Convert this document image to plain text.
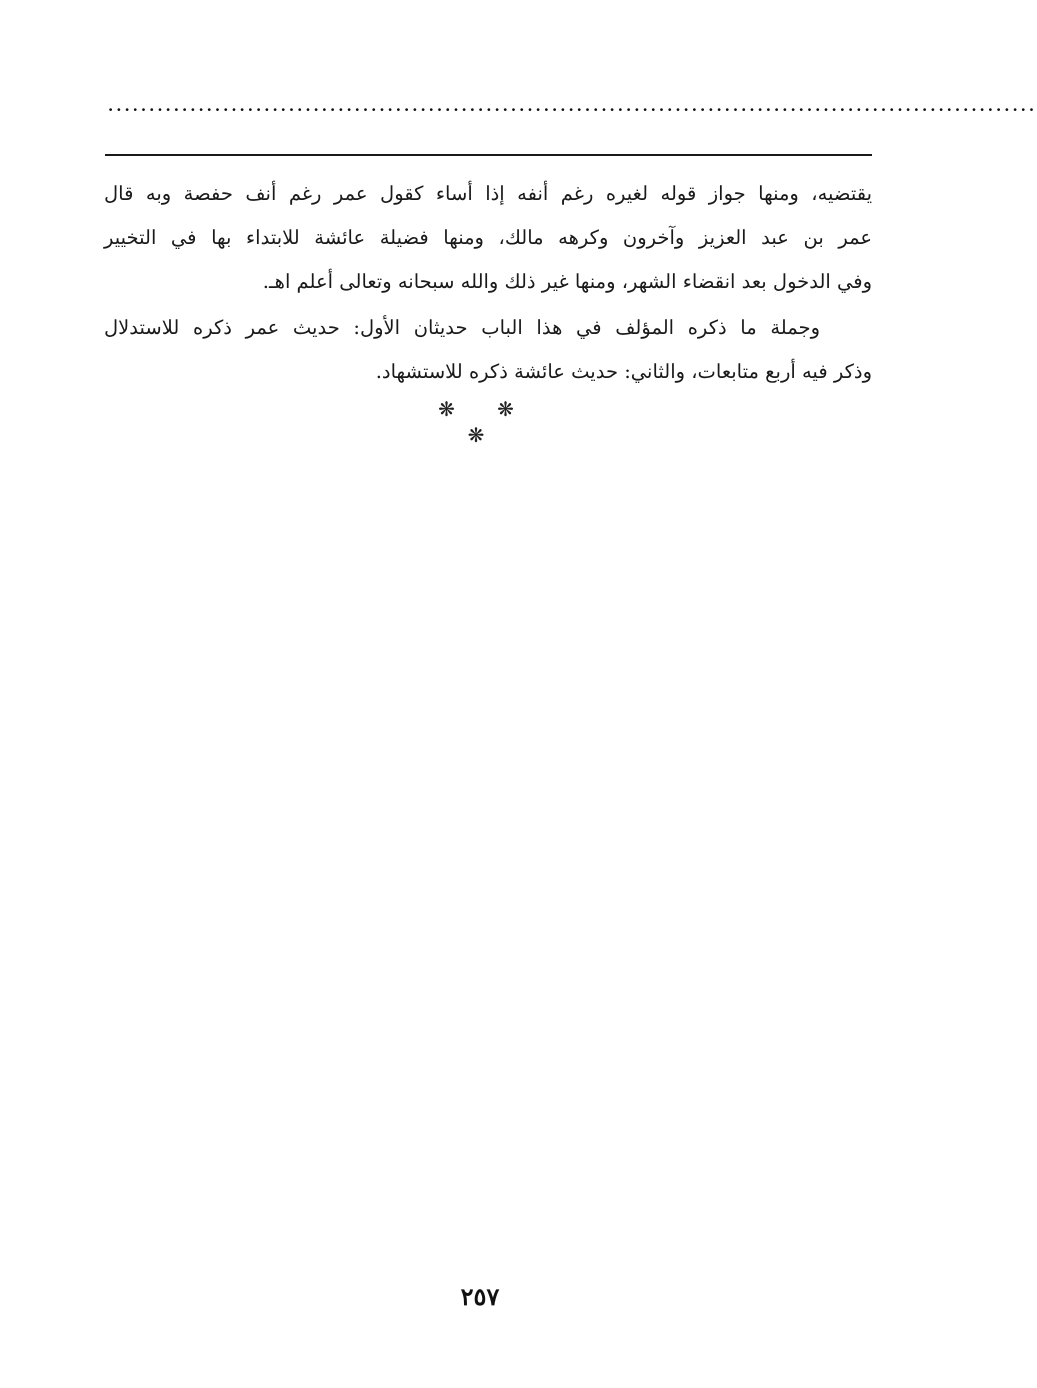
.................................................................................................................

يقتضيه، ومنها جواز قوله لغيره رغم أنفه إذا أساء كقول عمر رغم أنف حفصة وبه قال
عمر بن عبد العزيز وآخرون وكرهه مالك، ومنها فضيلة عائشة للابتداء بها في التخيير
وفي الدخول بعد انقضاء الشهر، ومنها غير ذلك والله سبحانه وتعالى أعلم اهـ.

وجملة ما ذكره المؤلف في هذا الباب حديثان الأول: حديث عمر ذكره للاستدلال
وذكر فيه أربع متابعات، والثاني: حديث عائشة ذكره للاستشهاد.

❋ ❋ ❋
٢٥٧
